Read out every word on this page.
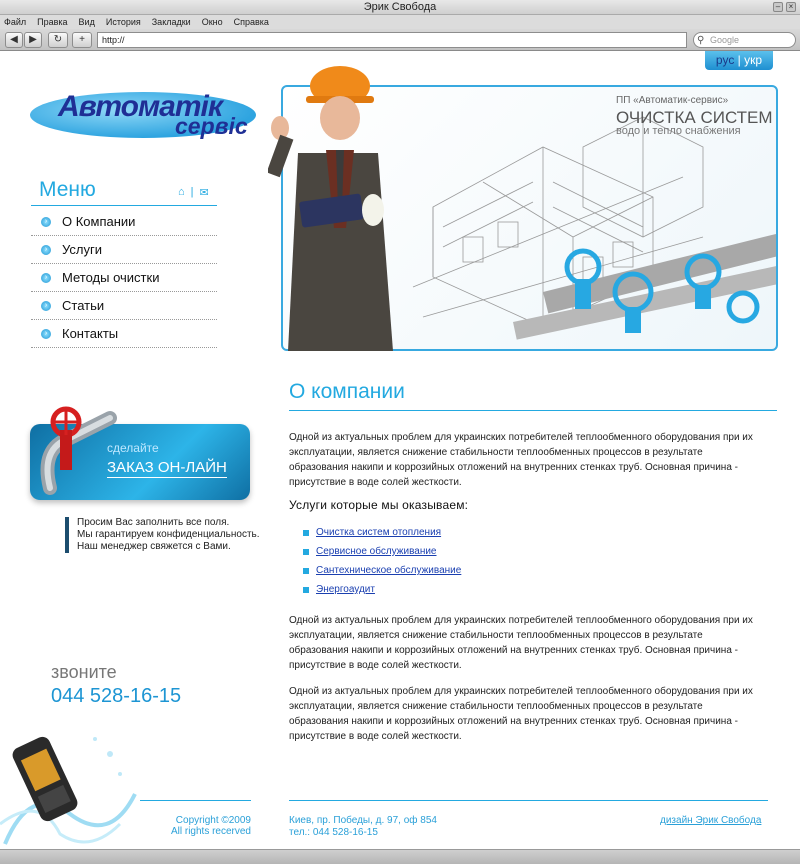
Эрик Свобода	–	×
Файл Правка Вид История Закладки Окно Справка
◀	▶	↻	+	http://	⚲ Google
рус | укр
Автоматік
сервіс
Меню	⌂ | ✉
› О Компании
› Услуги
› Методы очистки
› Статьи
› Контакты
ПП «Автоматик-сервис»
ОЧИСТКА СИСТЕМ
водо и тепло снабжения
сделайте
ЗАКАЗ ОН-ЛАЙН
Просим Вас заполнить все поля.
Мы гарантируем конфиденциальность.
Наш менеджер свяжется с Вами.
звоните
044 528-16-15
О компании

Одной из актуальных проблем для украинских потребителей теплообменного оборудования при их эксплуатации, является снижение стабильности теплообменных процессов в результате образования накипи и коррозийных отложений на внутренних стенках труб. Основная причина - присутствие в воде солей жесткости.

Услуги которые мы оказываем:
Очистка систем отопления
Сервисное обслуживание
Сантехническое обслуживание
Энергоаудит

Одной из актуальных проблем для украинских потребителей теплообменного оборудования при их эксплуатации, является снижение стабильности теплообменных процессов в результате образования накипи и коррозийных отложений на внутренних стенках труб. Основная причина - присутствие в воде солей жесткости.

Одной из актуальных проблем для украинских потребителей теплообменного оборудования при их эксплуатации, является снижение стабильности теплообменных процессов в результате образования накипи и коррозийных отложений на внутренних стенках труб. Основная причина - присутствие в воде солей жесткости.

Copyright ©2009
All rights recerved
Киев, пр. Победы, д. 97, оф 854
тел.: 044 528-16-15
дизайн Эрик Свобода
